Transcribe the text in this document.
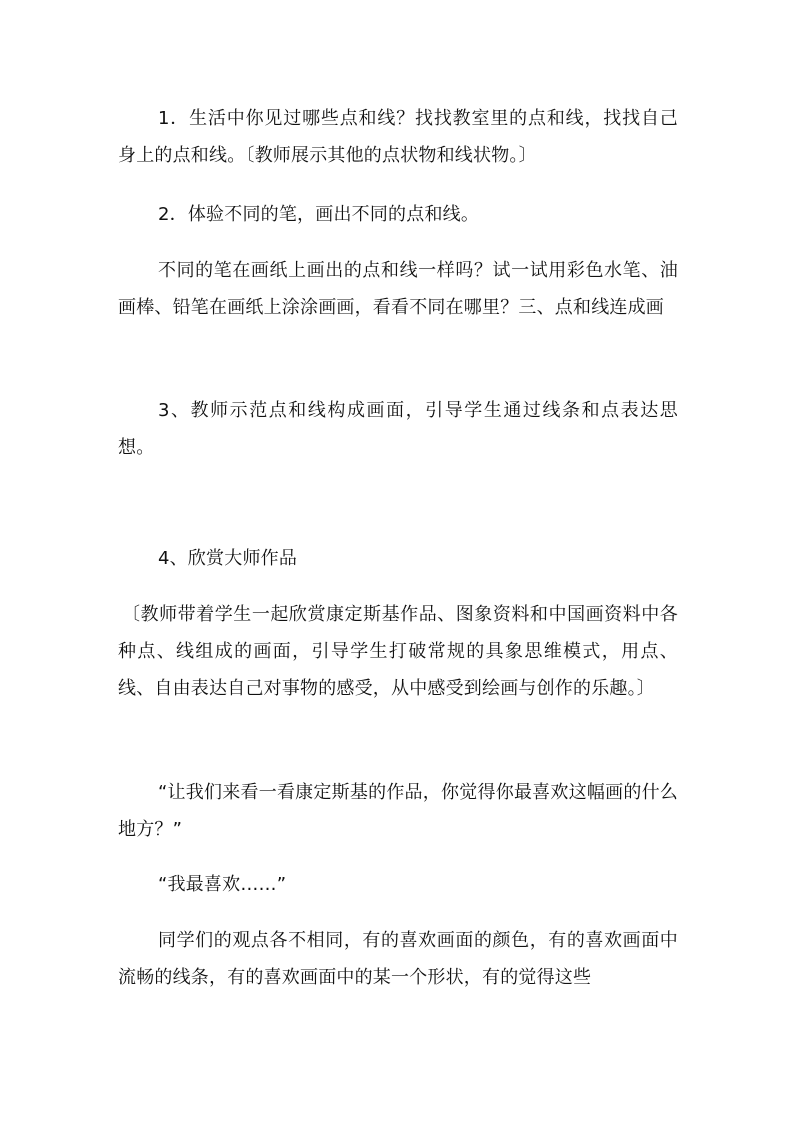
1．生活中你见过哪些点和线？找找教室里的点和线，找找自己身上的点和线。〔教师展示其他的点状物和线状物。〕

2．体验不同的笔，画出不同的点和线。

不同的笔在画纸上画出的点和线一样吗？试一试用彩色水笔、油画棒、铅笔在画纸上涂涂画画，看看不同在哪里？三、点和线连成画

3、教师示范点和线构成画面，引导学生通过线条和点表达思想。

4、欣赏大师作品

〔教师带着学生一起欣赏康定斯基作品、图象资料和中国画资料中各种点、线组成的画面，引导学生打破常规的具象思维模式，用点、线、自由表达自己对事物的感受，从中感受到绘画与创作的乐趣。〕

“让我们来看一看康定斯基的作品，你觉得你最喜欢这幅画的什么地方？”

“我最喜欢……”

同学们的观点各不相同，有的喜欢画面的颜色，有的喜欢画面中流畅的线条，有的喜欢画面中的某一个形状，有的觉得这些
